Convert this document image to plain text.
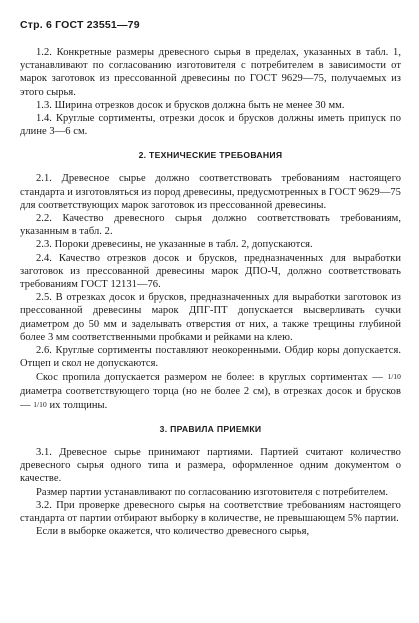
Стр. 6 ГОСТ 23551—79

1.2. Конкретные размеры древесного сырья в пределах, указанных в табл. 1, устанавливают по согласованию изготовителя с потребителем в зависимости от марок заготовок из прессованной древесины по ГОСТ 9629—75, получаемых из этого сырья.

1.3. Ширина отрезков досок и брусков должна быть не менее 30 мм.

1.4. Круглые сортименты, отрезки досок и брусков должны иметь припуск по длине 3—6 см.

2. ТЕХНИЧЕСКИЕ ТРЕБОВАНИЯ

2.1. Древесное сырье должно соответствовать требованиям настоящего стандарта и изготовляться из пород древесины, предусмотренных в ГОСТ 9629—75 для соответствующих марок заготовок из прессованной древесины.

2.2. Качество древесного сырья должно соответствовать требованиям, указанным в табл. 2.

2.3. Пороки древесины, не указанные в табл. 2, допускаются.

2.4. Качество отрезков досок и брусков, предназначенных для выработки заготовок из прессованной древесины марок ДПО-Ч, должно соответствовать требованиям ГОСТ 12131—76.

2.5. В отрезках досок и брусков, предназначенных для выработки заготовок из прессованной древесины марок ДПГ-ПТ допускается высверливать сучки диаметром до 50 мм и заделывать отверстия от них, а также трещины глубиной более 3 мм соответственными пробками и рейками на клею.

2.6. Круглые сортименты поставляют неокоренными. Обдир коры допускается. Отщеп и скол не допускаются.

Скос пропила допускается размером не более: в круглых сортиментах — 1/10 диаметра соответствующего торца (но не более 2 см), в отрезках досок и брусков — 1/10 их толщины.

3. ПРАВИЛА ПРИЕМКИ

3.1. Древесное сырье принимают партиями. Партией считают количество древесного сырья одного типа и размера, оформленное одним документом о качестве.

Размер партии устанавливают по согласованию изготовителя с потребителем.

3.2. При проверке древесного сырья на соответствие требованиям настоящего стандарта от партии отбирают выборку в количестве, не превышающем 5% партии.

Если в выборке окажется, что количество древесного сырья,
